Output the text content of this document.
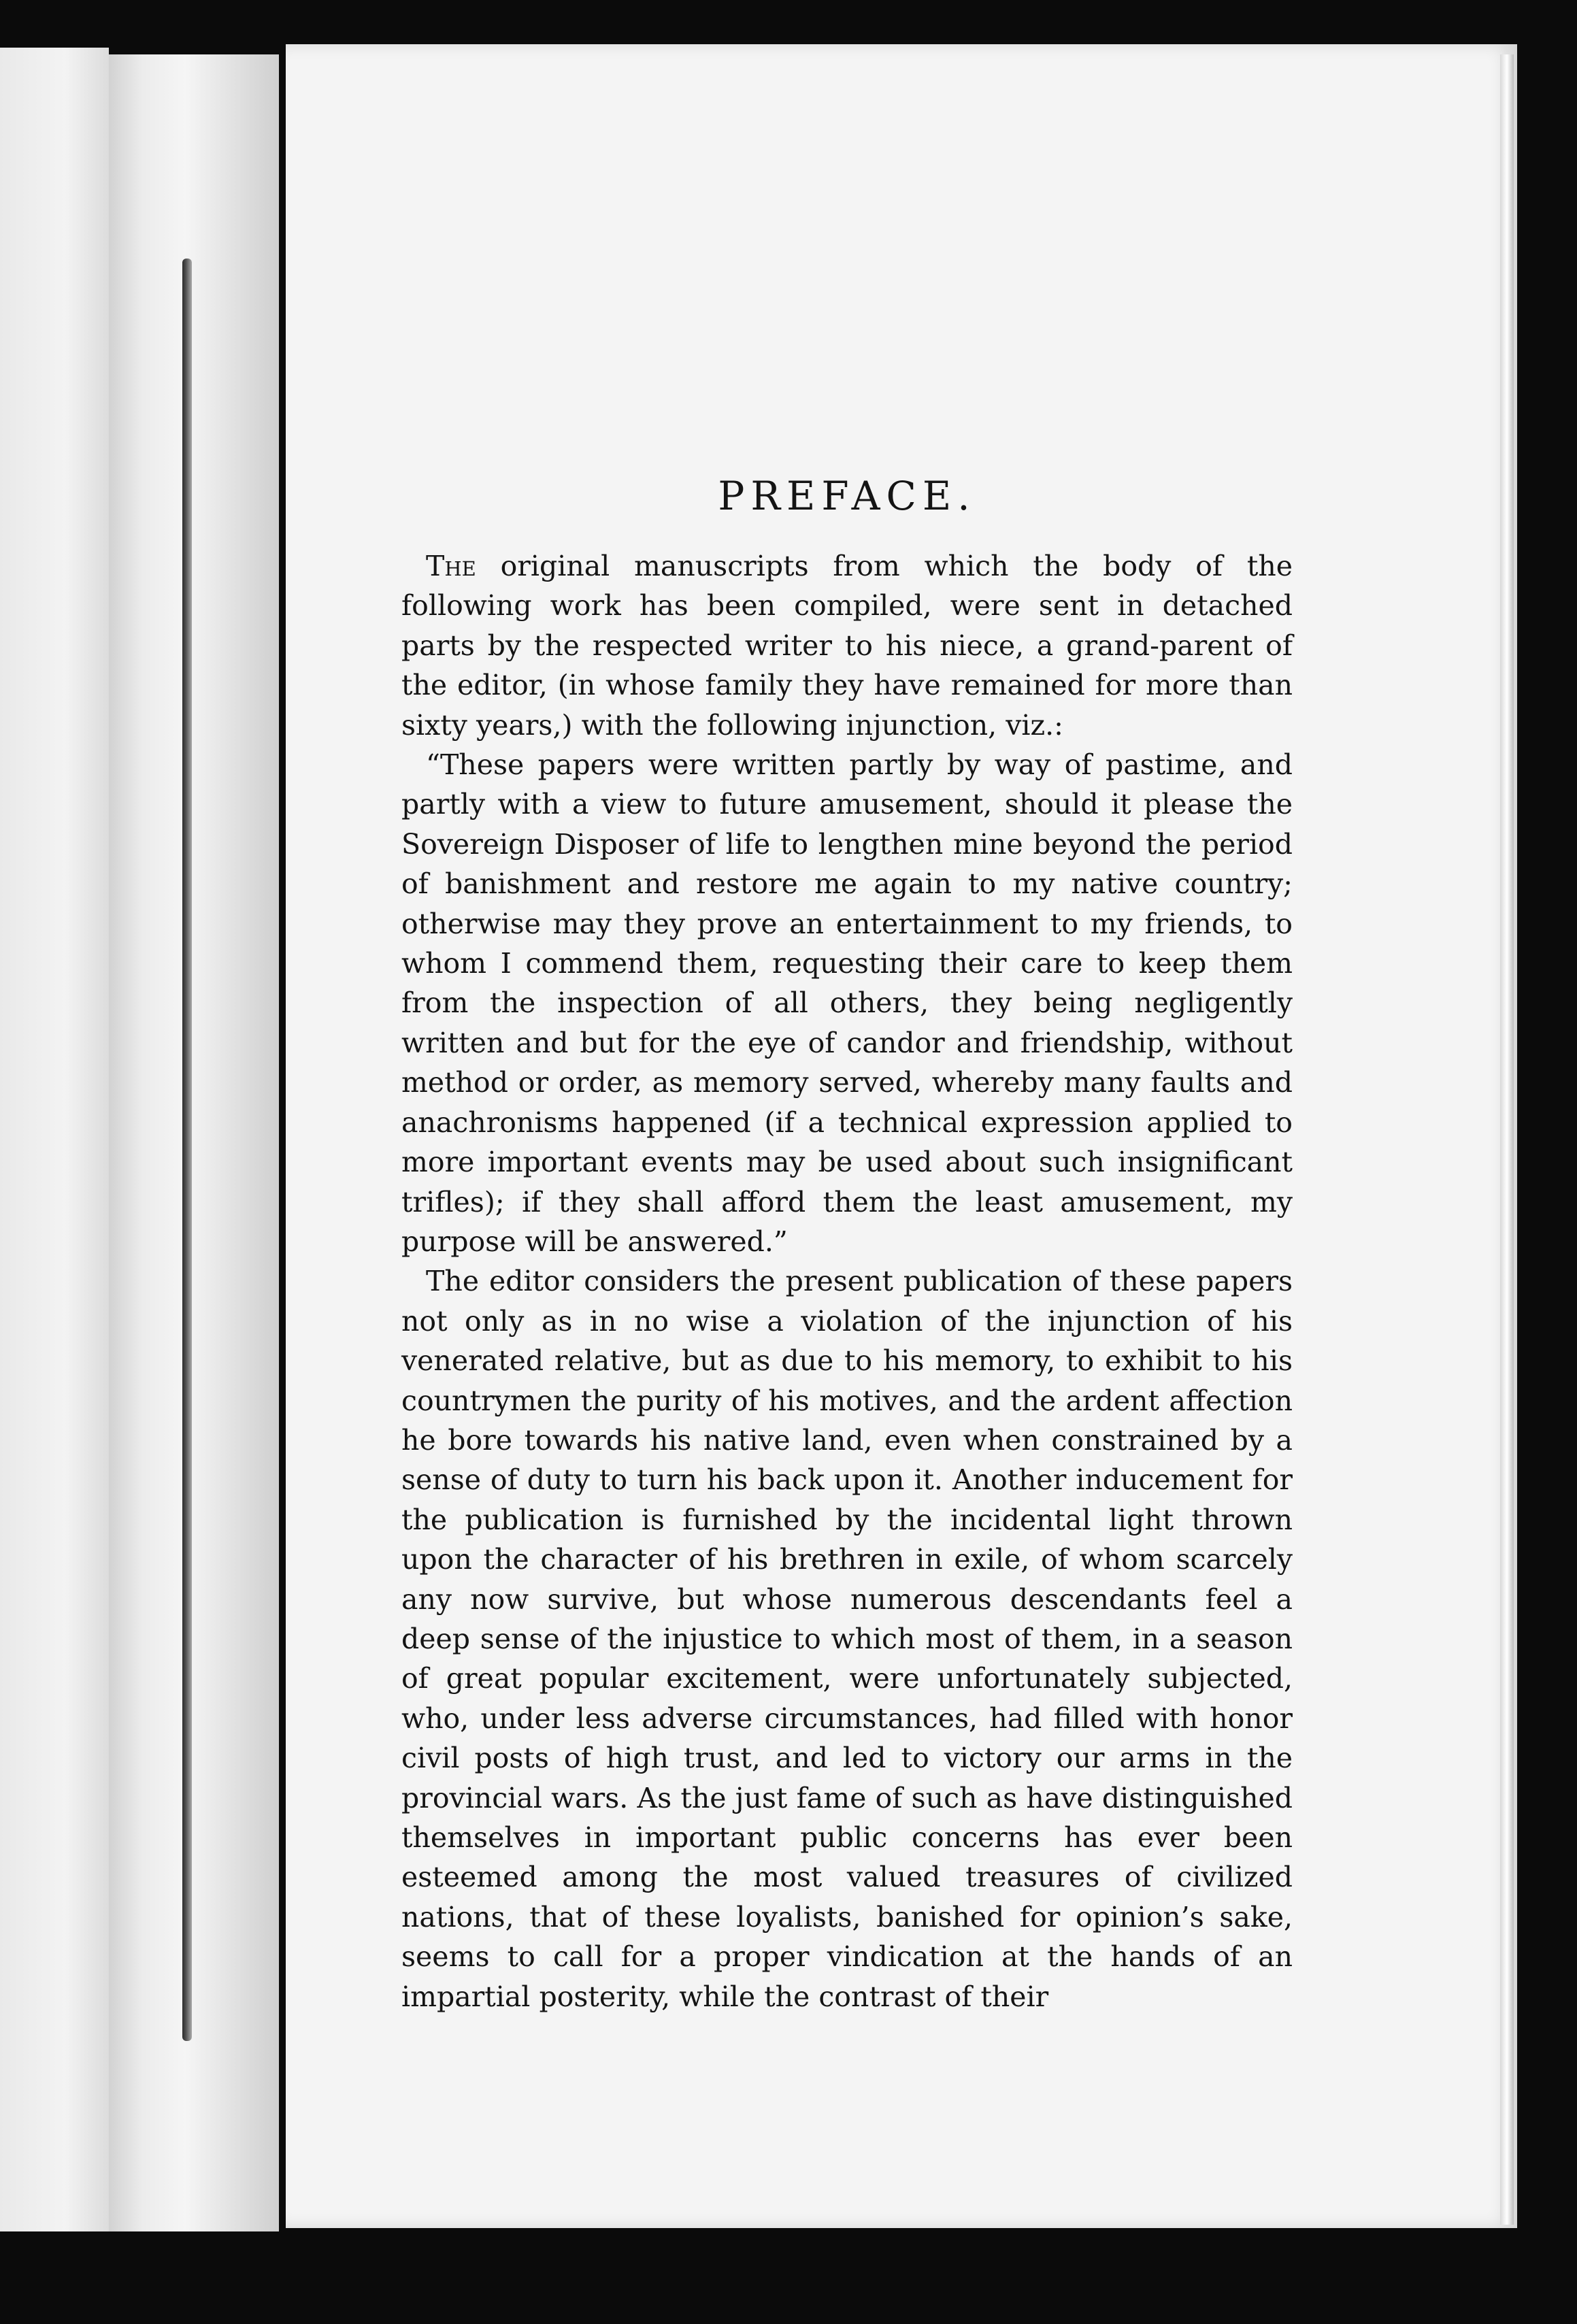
PREFACE.

The original manuscripts from which the body of the following work has been compiled, were sent in detached parts by the respected writer to his niece, a grand-parent of the editor, (in whose family they have remained for more than sixty years,) with the following injunction, viz.:

“These papers were written partly by way of pastime, and partly with a view to future amusement, should it please the Sovereign Disposer of life to lengthen mine beyond the period of banishment and restore me again to my native country; otherwise may they prove an entertainment to my friends, to whom I commend them, requesting their care to keep them from the inspection of all others, they being negligently written and but for the eye of candor and friendship, without method or order, as memory served, whereby many faults and anachronisms happened (if a technical expression applied to more important events may be used about such insignificant trifles); if they shall afford them the least amusement, my purpose will be answered.”

The editor considers the present publication of these papers not only as in no wise a violation of the injunction of his venerated relative, but as due to his memory, to exhibit to his countrymen the purity of his motives, and the ardent affection he bore towards his native land, even when constrained by a sense of duty to turn his back upon it. Another inducement for the publication is furnished by the incidental light thrown upon the character of his brethren in exile, of whom scarcely any now survive, but whose numerous descendants feel a deep sense of the injustice to which most of them, in a season of great popular excitement, were unfortunately subjected, who, under less adverse circumstances, had filled with honor civil posts of high trust, and led to victory our arms in the provincial wars. As the just fame of such as have distinguished themselves in important public concerns has ever been esteemed among the most valued treasures of civilized nations, that of these loyalists, banished for opinion’s sake, seems to call for a proper vindication at the hands of an impartial posterity, while the contrast of their
